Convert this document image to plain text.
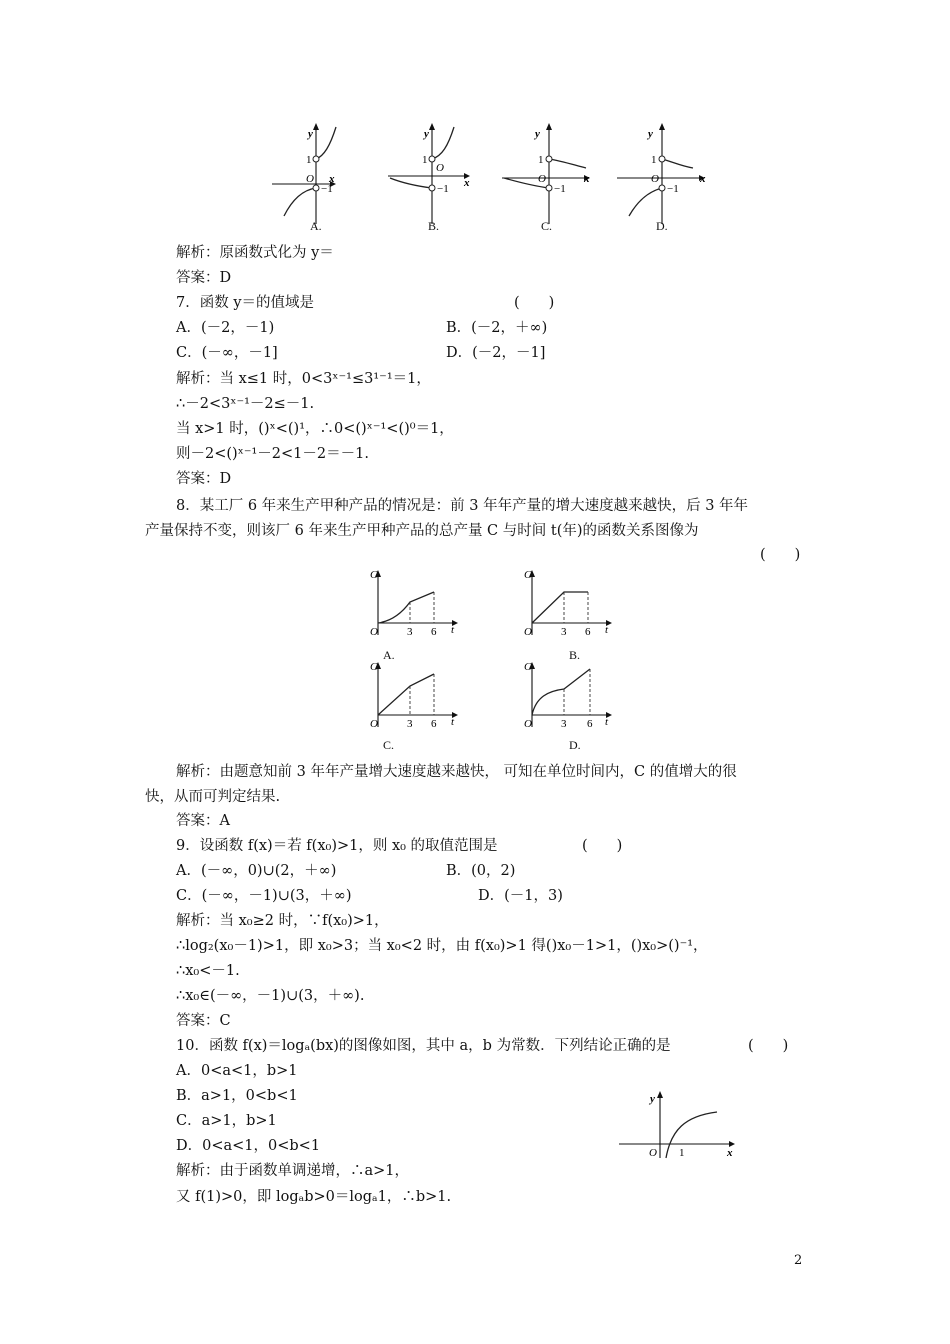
y
1
O
−1
x
A.
y
1
O
−1 x
B.
y
1
O
−1
x
C.
y
1
O
−1
x
D.
解析：原函数式化为 y＝
答案：D
7．函数 y＝的值域是	(　　)
A．(－2，－1)	B．(－2，＋∞)
C．(－∞，－1]	D．(－2，－1]
解析：当 x≤1 时，0<3ˣ⁻¹≤3¹⁻¹＝1，
∴－2<3ˣ⁻¹－2≤－1.
当 x>1 时，()ˣ<()¹，∴0<()ˣ⁻¹<()⁰＝1，
则－2<()ˣ⁻¹－2<1－2＝－1.
答案：D
8．某工厂 6 年来生产甲种产品的情况是：前 3 年年产量的增大速度越来越快，后 3 年年
产量保持不变，则该厂 6 年来生产甲种产品的总产量 C 与时间 t(年)的函数关系图像为
(　　)
C
O	3 6 t
A.
C
O	3 6 t
B.
C
O	3 6 t
C.
C
O	3 6 t
D.
解析：由题意知前 3 年年产量增大速度越来越快， 可知在单位时间内，C 的值增大的很
快，从而可判定结果.
答案：A
9．设函数 f(x)＝若 f(x₀)>1，则 x₀ 的取值范围是	(　　)
A．(－∞，0)∪(2，＋∞)	B．(0，2)
C．(－∞，－1)∪(3，＋∞)	D．(－1，3)
解析：当 x₀≥2 时，∵f(x₀)>1，
∴log₂(x₀－1)>1，即 x₀>3；当 x₀<2 时，由 f(x₀)>1 得()x₀－1>1，()x₀>()⁻¹，
∴x₀<－1.
∴x₀∈(－∞，－1)∪(3，＋∞).
答案：C
10．函数 f(x)＝logₐ(bx)的图像如图，其中 a，b 为常数．下列结论正确的是	(　　)
A．0<a<1，b>1
B．a>1，0<b<1
C．a>1，b>1
D．0<a<1，0<b<1
解析：由于函数单调递增，∴a>1，
又 f(1)>0，即 logₐb>0＝logₐ1，∴b>1.
y
O 1	x
2
